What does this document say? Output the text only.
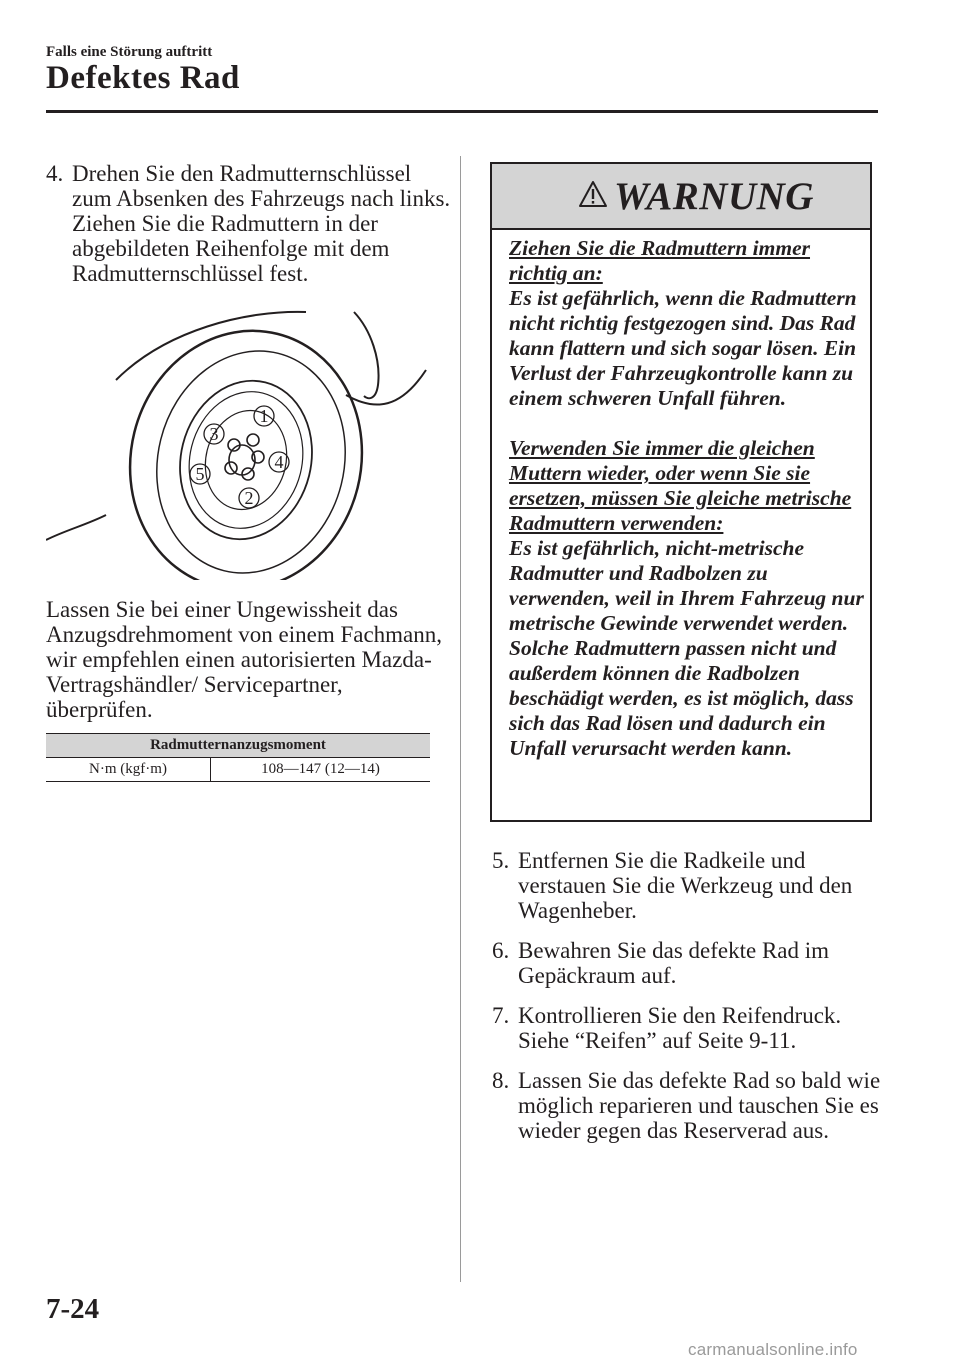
Falls eine Störung auftritt
Defektes Rad
4. Drehen Sie den Radmutternschlüssel zum Absenken des Fahrzeugs nach links. Ziehen Sie die Radmuttern in der abgebildeten Reihenfolge mit dem Radmutternschlüssel fest.
1
2
3
4
5
Lassen Sie bei einer Ungewissheit das Anzugsdrehmoment von einem Fachmann, wir empfehlen einen autorisierten Mazda-Vertragshändler/ Servicepartner, überprüfen.
Radmutternanzugsmoment
N·m (kgf·m)	108—147 (12—14)
WARNUNG

Ziehen Sie die Radmuttern immer richtig an:

Es ist gefährlich, wenn die Radmuttern nicht richtig festgezogen sind. Das Rad kann flattern und sich sogar lösen. Ein Verlust der Fahrzeugkontrolle kann zu einem schweren Unfall führen.

Verwenden Sie immer die gleichen Muttern wieder, oder wenn Sie sie ersetzen, müssen Sie gleiche metrische Radmuttern verwenden:

Es ist gefährlich, nicht-metrische Radmutter und Radbolzen zu verwenden, weil in Ihrem Fahrzeug nur metrische Gewinde verwendet werden. Solche Radmuttern passen nicht und außerdem können die Radbolzen beschädigt werden, es ist möglich, dass sich das Rad lösen und dadurch ein Unfall verursacht werden kann.

5. Entfernen Sie die Radkeile und verstauen Sie die Werkzeug und den Wagenheber.
6. Bewahren Sie das defekte Rad im Gepäckraum auf.
7. Kontrollieren Sie den Reifendruck. Siehe “Reifen” auf Seite 9-11.
8. Lassen Sie das defekte Rad so bald wie möglich reparieren und tauschen Sie es wieder gegen das Reserverad aus.
7-24
carmanualsonline.info
